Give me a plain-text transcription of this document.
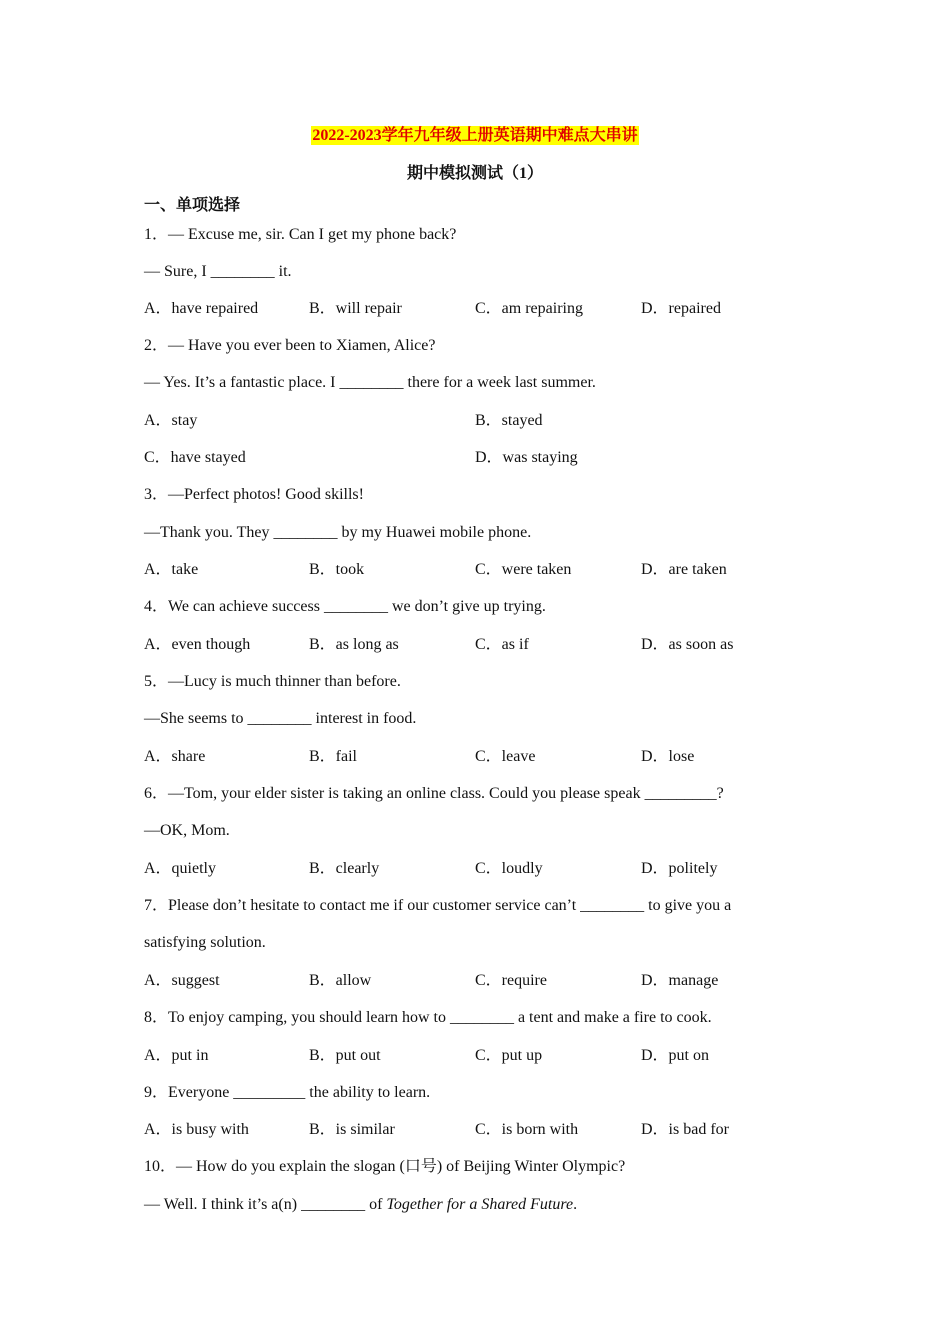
2022-2023学年九年级上册英语期中难点大串讲
期中模拟测试（1）
一、单项选择
1．— Excuse me, sir. Can I get my phone back?
— Sure, I ________ it.
A．have repaired	B．will repair	C．am repairing	D．repaired
2．— Have you ever been to Xiamen, Alice?
— Yes. It’s a fantastic place. I ________ there for a week last summer.
A．stay	B．stayed
C．have stayed	D．was staying
3．—Perfect photos! Good skills!
—Thank you. They ________ by my Huawei mobile phone.
A．take	B．took	C．were taken	D．are taken
4．We can achieve success ________ we don’t give up trying.
A．even though	B．as long as	C．as if	D．as soon as
5．—Lucy is much thinner than before.
—She seems to ________ interest in food.
A．share	B．fail	C．leave	D．lose
6．—Tom, your elder sister is taking an online class. Could you please speak _________?
—OK, Mom.
A．quietly	B．clearly	C．loudly	D．politely
7．Please don’t hesitate to contact me if our customer service can’t ________ to give you a
satisfying solution.
A．suggest	B．allow	C．require	D．manage
8．To enjoy camping, you should learn how to ________ a tent and make a fire to cook.
A．put in	B．put out	C．put up	D．put on
9．Everyone _________ the ability to learn.
A．is busy with	B．is similar	C．is born with	D．is bad for
10．— How do you explain the slogan (口号) of Beijing Winter Olympic?
— Well. I think it’s a(n) ________ of Together for a Shared Future.
